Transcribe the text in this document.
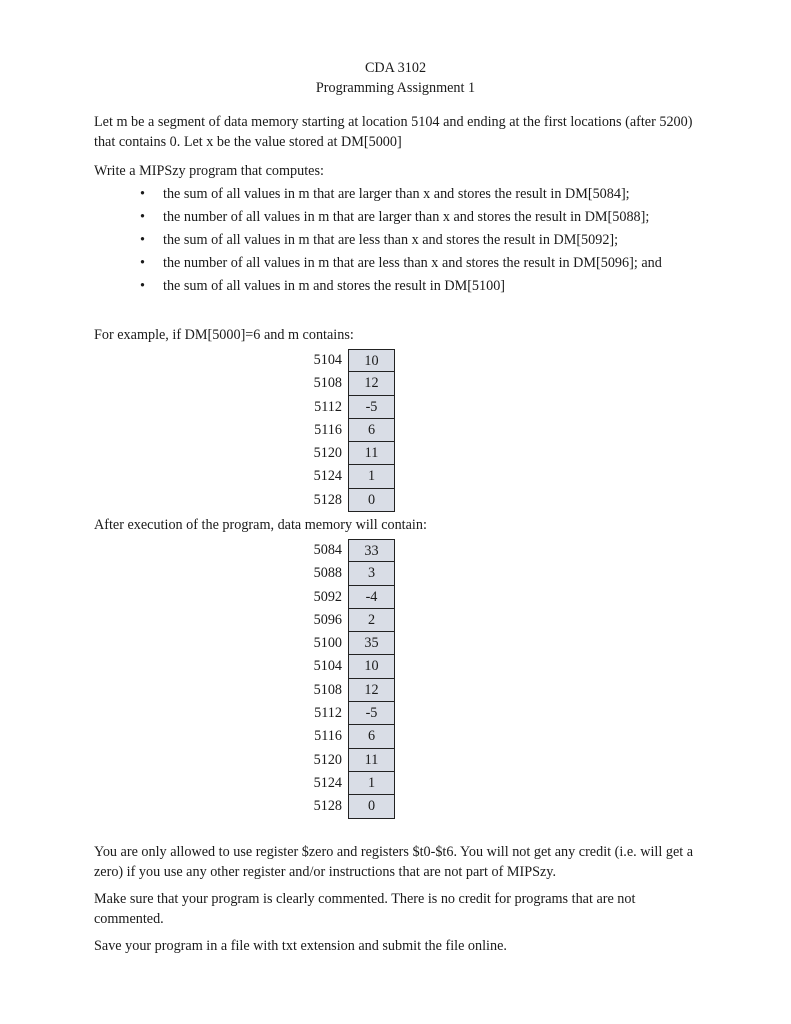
CDA 3102
Programming Assignment 1
Let m be a segment of data memory starting at location 5104 and ending at the first locations (after 5200) that contains 0. Let x be the value stored at DM[5000]
Write a MIPSzy program that computes:
• the sum of all values in m that are larger than x and stores the result in DM[5084];
• the number of all values in m that are larger than x and stores the result in DM[5088];
• the sum of all values in m that are less than x and stores the result in DM[5092];
• the number of all values in m that are less than x and stores the result in DM[5096]; and
• the sum of all values in m and stores the result in DM[5100]
For example, if DM[5000]=6 and m contains:
5104	10
5108	12
5112	-5
5116	6
5120	11
5124	1
5128	0
After execution of the program, data memory will contain:
5084	33
5088	3
5092	-4
5096	2
5100	35
5104	10
5108	12
5112	-5
5116	6
5120	11
5124	1
5128	0

You are only allowed to use register $zero and registers $t0-$t6. You will not get any credit (i.e. will get a zero) if you use any other register and/or instructions that are not part of MIPSzy.

Make sure that your program is clearly commented. There is no credit for programs that are not commented.

Save your program in a file with txt extension and submit the file online.
